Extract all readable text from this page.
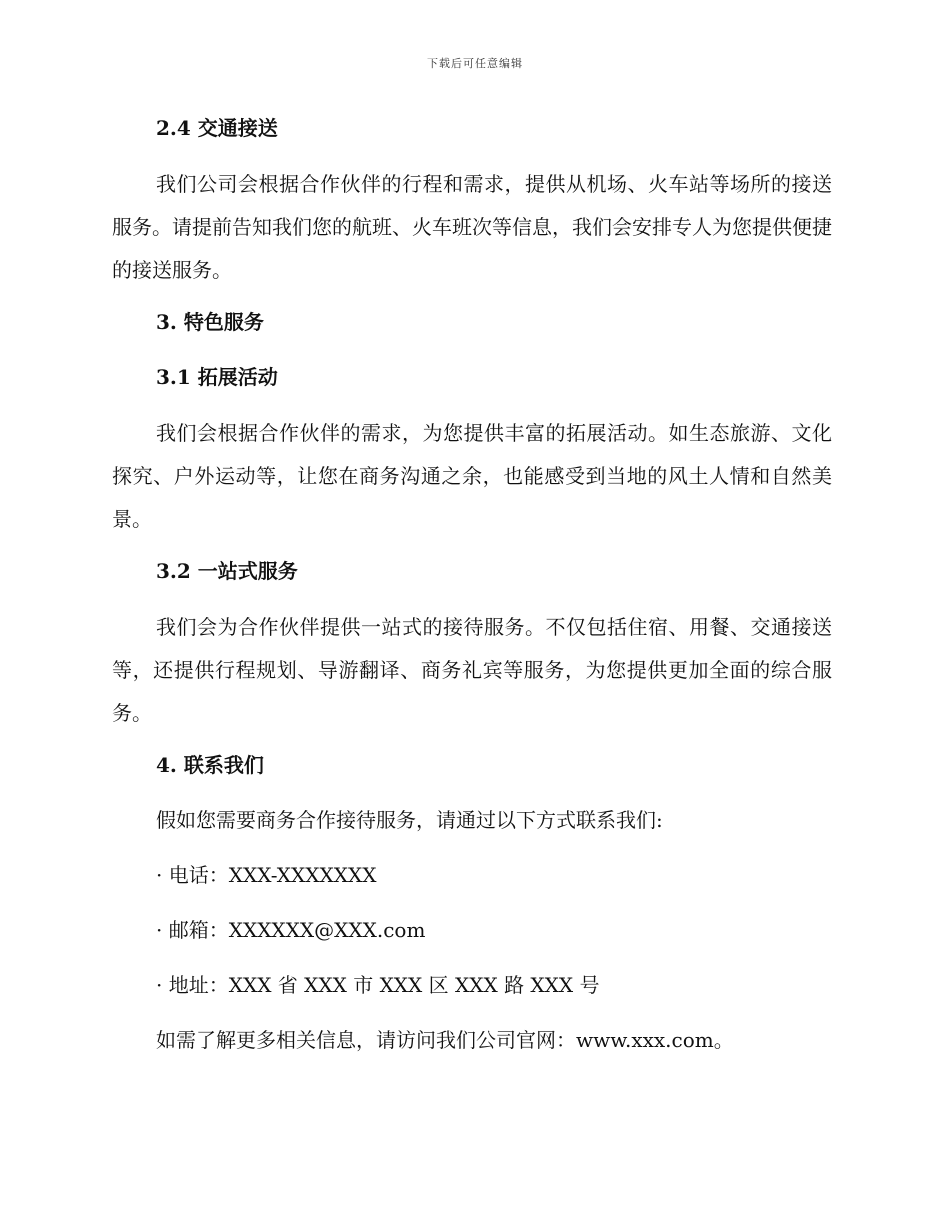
下载后可任意编辑
2.4 交通接送

我们公司会根据合作伙伴的行程和需求，提供从机场、火车站等场所的接送服务。请提前告知我们您的航班、火车班次等信息，我们会安排专人为您提供便捷的接送服务。

3. 特色服务
3.1 拓展活动

我们会根据合作伙伴的需求，为您提供丰富的拓展活动。如生态旅游、文化探究、户外运动等，让您在商务沟通之余，也能感受到当地的风土人情和自然美景。

3.2 一站式服务

我们会为合作伙伴提供一站式的接待服务。不仅包括住宿、用餐、交通接送等，还提供行程规划、导游翻译、商务礼宾等服务，为您提供更加全面的综合服务。

4. 联系我们
假如您需要商务合作接待服务，请通过以下方式联系我们:
· 电话：XXX-XXXXXXX
· 邮箱：XXXXXX@XXX.com
· 地址：XXX 省 XXX 市 XXX 区 XXX 路 XXX 号
如需了解更多相关信息，请访问我们公司官网：www.xxx.com。
